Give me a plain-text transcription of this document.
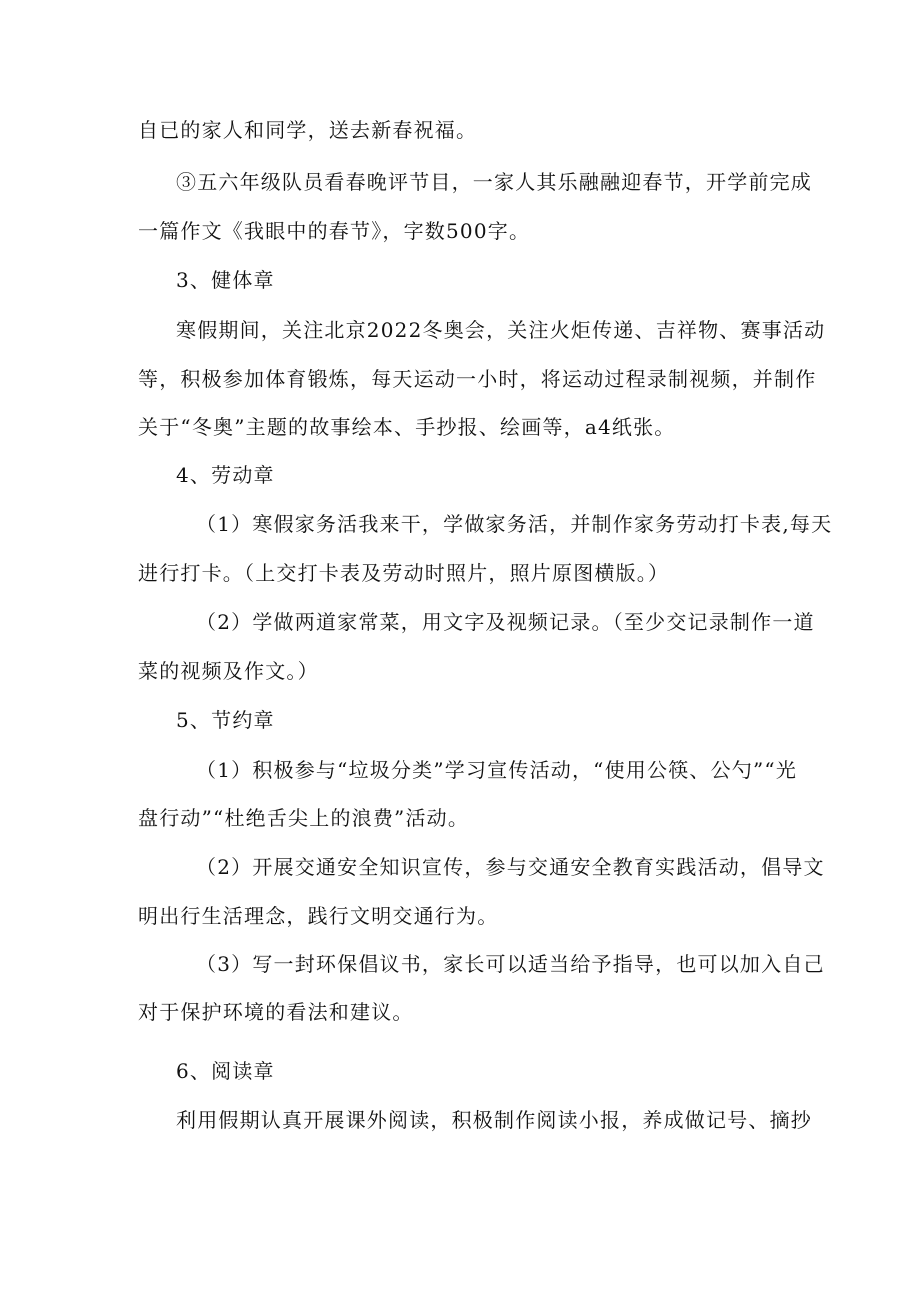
自已的家人和同学，送去新春祝福。
③五六年级队员看春晚评节目，一家人其乐融融迎春节，开学前完成
一篇作文《我眼中的春节》，字数500字。
3、健体章
寒假期间，关注北京2022冬奥会，关注火炬传递、吉祥物、赛事活动
等，积极参加体育锻炼，每天运动一小时，将运动过程录制视频，并制作
关于“冬奥”主题的故事绘本、手抄报、绘画等，a4纸张。
4、劳动章
（1）寒假家务活我来干，学做家务活，并制作家务劳动打卡表,每天
进行打卡。（上交打卡表及劳动时照片，照片原图横版。）
（2）学做两道家常菜，用文字及视频记录。（至少交记录制作一道
菜的视频及作文。）
5、节约章
（1）积极参与“垃圾分类”学习宣传活动，“使用公筷、公勺”“光
盘行动”“杜绝舌尖上的浪费”活动。
（2）开展交通安全知识宣传，参与交通安全教育实践活动，倡导文
明出行生活理念，践行文明交通行为。
（3）写一封环保倡议书，家长可以适当给予指导，也可以加入自己
对于保护环境的看法和建议。
6、阅读章
利用假期认真开展课外阅读，积极制作阅读小报，养成做记号、摘抄
